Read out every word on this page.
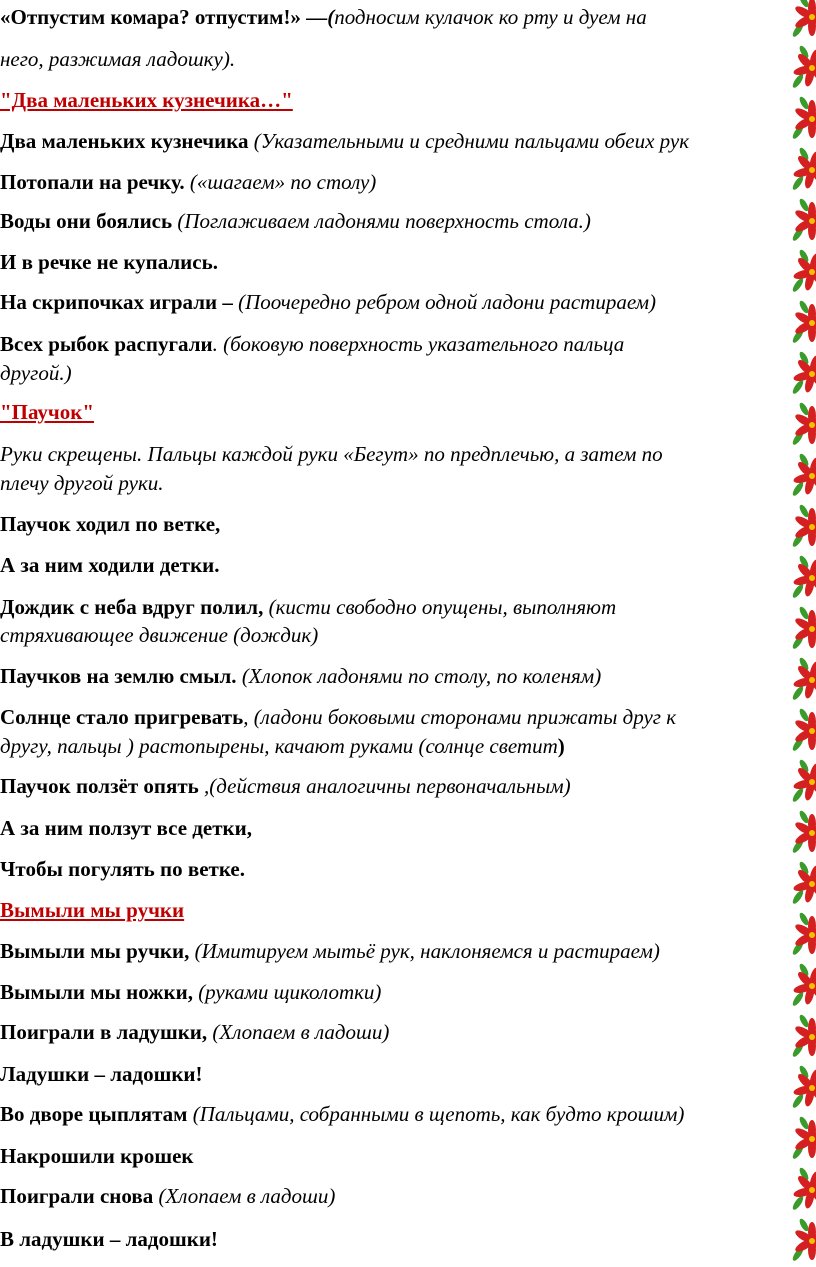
«Отпустим комара? отпустим!» —(подносим кулачок ко рту и дуем на
него, разжимая ладошку).
"Два маленьких кузнечика…"
Два маленьких кузнечика (Указательными и средними пальцами обеих рук
Потопали на речку. («шагаем» по столу)
Воды они боялись (Поглаживаем ладонями поверхность стола.)
И в речке не купались.
На скрипочках играли – (Поочередно ребром одной ладони растираем)
Всех рыбок распугали. (боковую поверхность указательного пальца
другой.)
"Паучок"
Руки скрещены. Пальцы каждой руки «Бегут» по предплечью, а затем по
плечу другой руки.
Паучок ходил по ветке,
А за ним ходили детки.
Дождик с неба вдруг полил, (кисти свободно опущены, выполняют
стряхивающее движение (дождик)
Паучков на землю смыл. (Хлопок ладонями по столу, по коленям)
Солнце стало пригревать, (ладони боковыми сторонами прижаты друг к
другу, пальцы ) растопырены, качают руками (солнце светит)
Паучок ползёт опять ,(действия аналогичны первоначальным)
А за ним ползут все детки,
Чтобы погулять по ветке.
Вымыли мы ручки
Вымыли мы ручки, (Имитируем мытьё рук, наклоняемся и растираем)
Вымыли мы ножки, (руками щиколотки)
Поиграли в ладушки, (Хлопаем в ладоши)
Ладушки – ладошки!
Во дворе цыплятам (Пальцами, собранными в щепоть, как будто крошим)
Накрошили крошек
Поиграли снова (Хлопаем в ладоши)
В ладушки – ладошки!
